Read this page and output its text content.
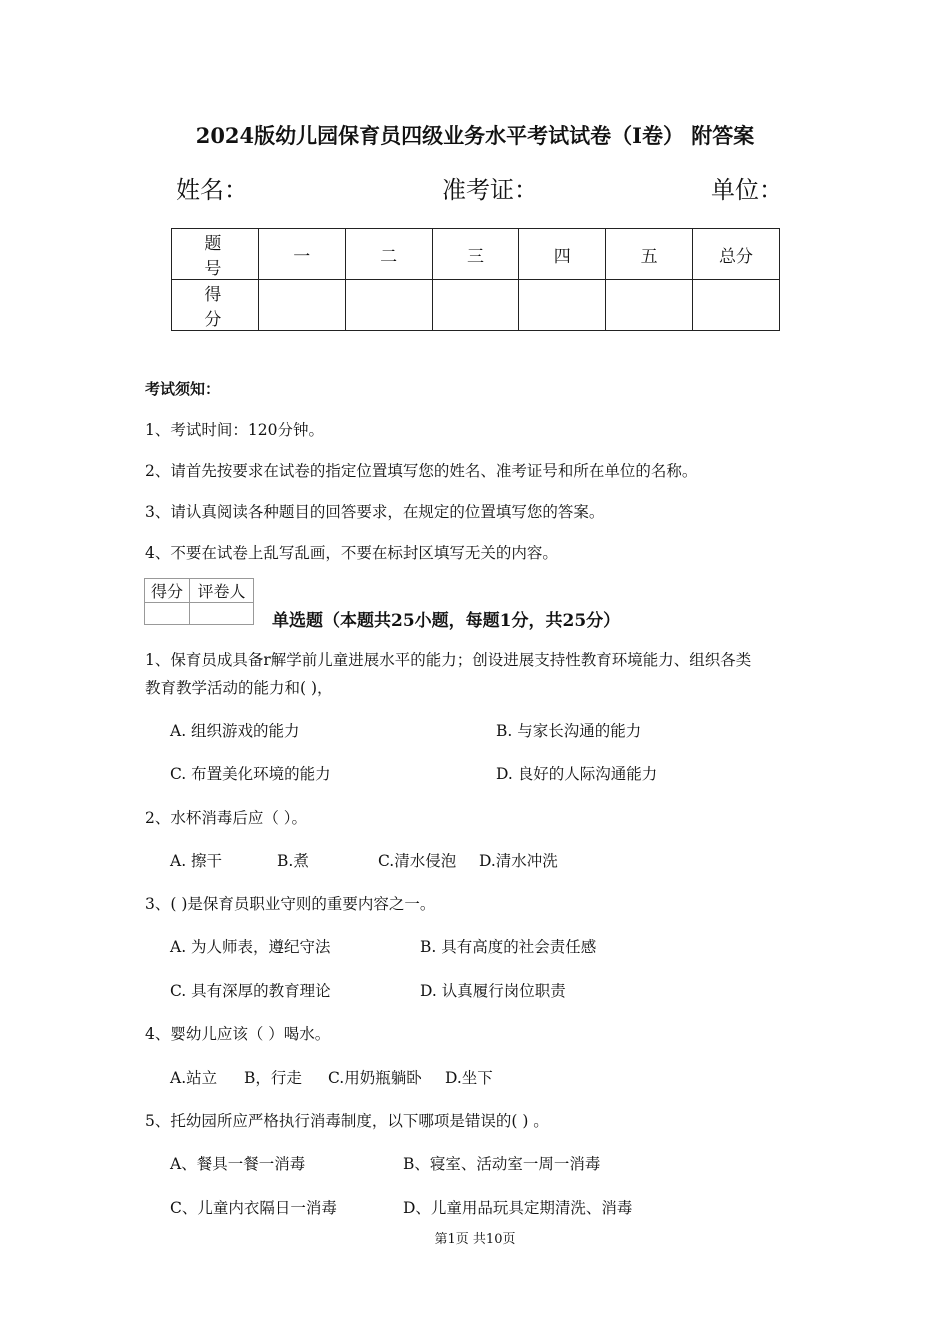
2024版幼儿园保育员四级业务水平考试试卷（I卷） 附答案
姓名：	准考证：	单位：
题 号	一	二	三	四	五	总分
得 分						
考试须知：
1、考试时间：120分钟。
2、请首先按要求在试卷的指定位置填写您的姓名、准考证号和所在单位的名称。
3、请认真阅读各种题目的回答要求，在规定的位置填写您的答案。
4、不要在试卷上乱写乱画，不要在标封区填写无关的内容。
得分	评卷人

单选题（本题共25小题，每题1分，共25分）
1、保育员成具备r解学前儿童进展水平的能力；创设进展支持性教育环境能力、组织各类
教育教学活动的能力和( )，
A. 组织游戏的能力	B. 与家长沟通的能力
C. 布置美化环境的能力	D. 良好的人际沟通能力
2、水杯消毒后应（ ）。
A. 擦干	B.煮	C.清水侵泡 D.清水冲洗
3、( )是保育员职业守则的重要内容之一。
A. 为人师表，遵纪守法	B. 具有高度的社会责任感
C. 具有深厚的教育理论	D. 认真履行岗位职责
4、婴幼儿应该（ ）喝水。
A.站立 B，行走 C.用奶瓶躺卧 D.坐下
5、托幼园所应严格执行消毒制度，以下哪项是错误的( ) 。
A、餐具一餐一消毒	B、寝室、活动室一周一消毒
C、儿童内衣隔日一消毒	D、儿童用品玩具定期清洗、消毒
第1页 共10页
